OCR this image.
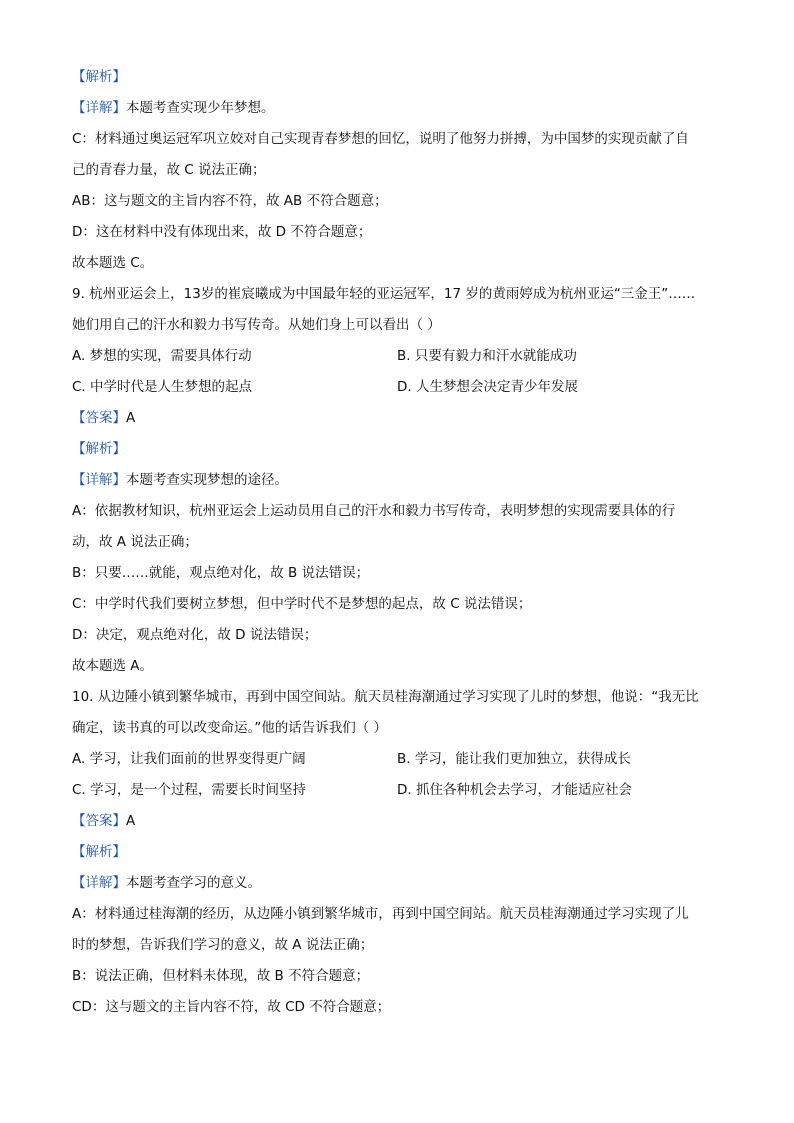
【解析】
【详解】本题考查实现少年梦想。
C：材料通过奥运冠军巩立姣对自己实现青春梦想的回忆，说明了他努力拼搏，为中国梦的实现贡献了自
己的青春力量，故 C 说法正确；
AB：这与题文的主旨内容不符，故 AB 不符合题意；
D：这在材料中没有体现出来，故 D 不符合题意；
故本题选 C。
9. 杭州亚运会上，13岁的崔宸曦成为中国最年轻的亚运冠军，17 岁的黄雨婷成为杭州亚运“三金王”……
她们用自己的汗水和毅力书写传奇。从她们身上可以看出（ ）
A. 梦想的实现，需要具体行动	B. 只要有毅力和汗水就能成功
C. 中学时代是人生梦想的起点	D. 人生梦想会决定青少年发展
【答案】A
【解析】
【详解】本题考查实现梦想的途径。
A：依据教材知识，杭州亚运会上运动员用自己的汗水和毅力书写传奇，表明梦想的实现需要具体的行
动，故 A 说法正确；
B：只要……就能，观点绝对化，故 B 说法错误；
C：中学时代我们要树立梦想，但中学时代不是梦想的起点，故 C 说法错误；
D：决定，观点绝对化，故 D 说法错误；
故本题选 A。
10. 从边陲小镇到繁华城市，再到中国空间站。航天员桂海潮通过学习实现了儿时的梦想，他说：“我无比
确定，读书真的可以改变命运。”他的话告诉我们（ ）
A. 学习，让我们面前的世界变得更广阔	B. 学习，能让我们更加独立，获得成长
C. 学习，是一个过程，需要长时间坚持	D. 抓住各种机会去学习，才能适应社会
【答案】A
【解析】
【详解】本题考查学习的意义。
A：材料通过桂海潮的经历，从边陲小镇到繁华城市，再到中国空间站。航天员桂海潮通过学习实现了儿
时的梦想，告诉我们学习的意义，故 A 说法正确；
B：说法正确，但材料未体现，故 B 不符合题意；
CD：这与题文的主旨内容不符，故 CD 不符合题意；
